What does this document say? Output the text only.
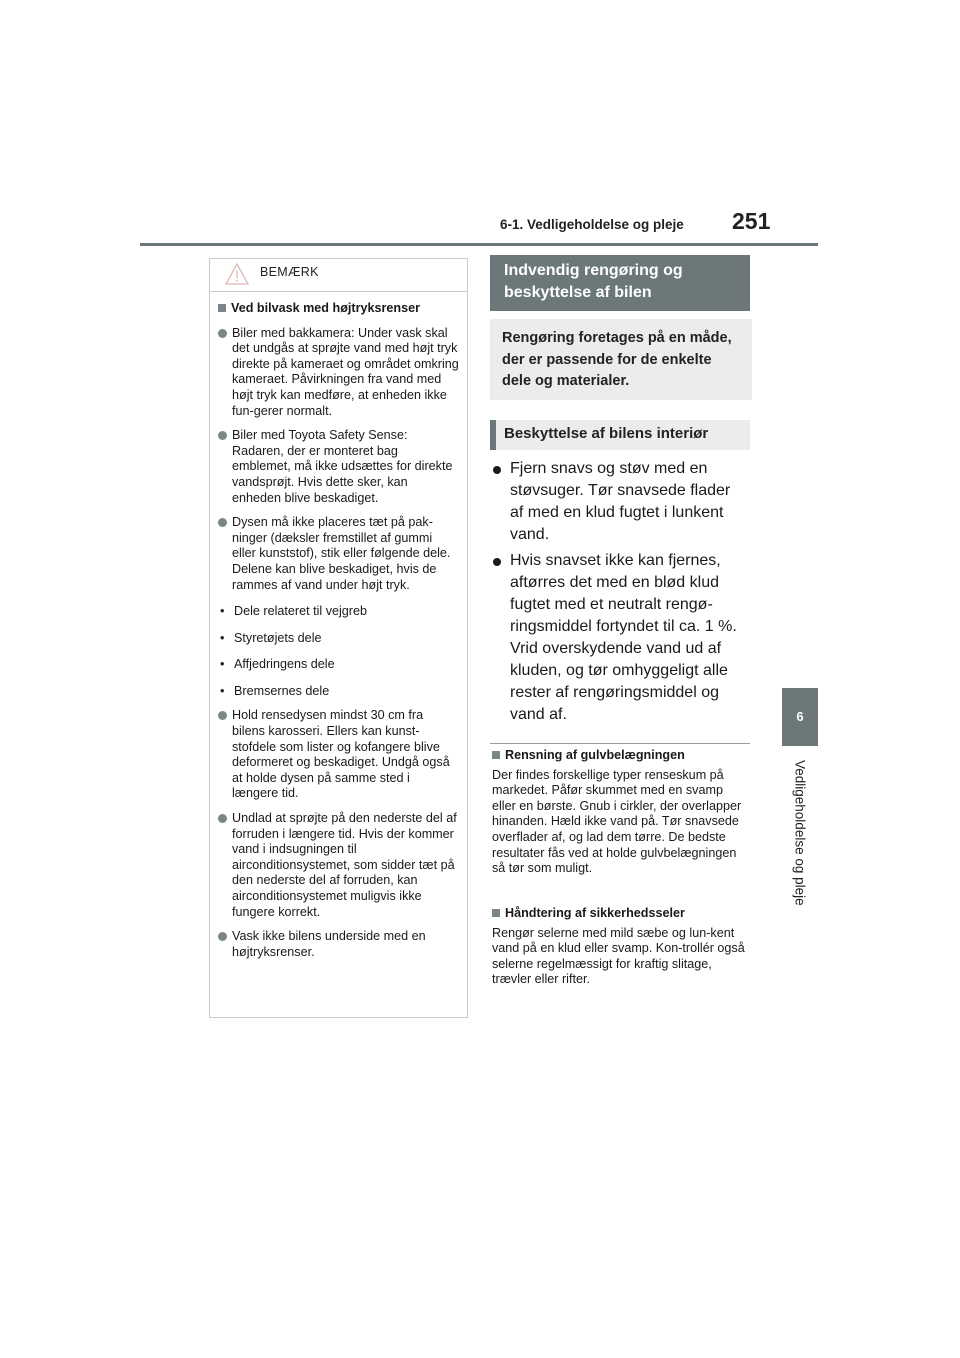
6-1. Vedligeholdelse og pleje 251
6
Vedligeholdelse og pleje
BEMÆRK
Ved bilvask med højtryksrenser
Biler med bakkamera: Under vask skal det undgås at sprøjte vand med højt tryk direkte på kameraet og området omkring kameraet. Påvirkningen fra vand med højt tryk kan medføre, at enheden ikke fun-gerer normalt.
Biler med Toyota Safety Sense: Radaren, der er monteret bag emblemet, må ikke udsættes for direkte vandsprøjt. Hvis dette sker, kan enheden blive beskadiget.
Dysen må ikke placeres tæt på pak-ninger (dæksler fremstillet af gummi eller kunststof), stik eller følgende dele. Delene kan blive beskadiget, hvis de rammes af vand under højt tryk.
• Dele relateret til vejgreb
• Styretøjets dele
• Affjedringens dele
• Bremsernes dele
Hold rensedysen mindst 30 cm fra bilens karosseri. Ellers kan kunst-stofdele som lister og kofangere blive deformeret og beskadiget. Undgå også at holde dysen på samme sted i længere tid.
Undlad at sprøjte på den nederste del af forruden i længere tid. Hvis der kommer vand i indsugningen til airconditionsystemet, som sidder tæt på den nederste del af forruden, kan airconditionsystemet muligvis ikke fungere korrekt.
Vask ikke bilens underside med en højtryksrenser.
Indvendig rengøring og beskyttelse af bilen
Rengøring foretages på en måde, der er passende for de enkelte dele og materialer.
Beskyttelse af bilens interiør
Fjern snavs og støv med en støvsuger. Tør snavsede flader af med en klud fugtet i lunkent vand.
Hvis snavset ikke kan fjernes, aftørres det med en blød klud fugtet med et neutralt rengø-ringsmiddel fortyndet til ca. 1 %. Vrid overskydende vand ud af kluden, og tør omhyggeligt alle rester af rengøringsmiddel og vand af.
Rensning af gulvbelægningen
Der findes forskellige typer renseskum på markedet. Påfør skummet med en svamp eller en børste. Gnub i cirkler, der overlapper hinanden. Hæld ikke vand på. Tør snavsede overflader af, og lad dem tørre. De bedste resultater fås ved at holde gulvbelægningen så tør som muligt.
Håndtering af sikkerhedsseler
Rengør selerne med mild sæbe og lun-kent vand på en klud eller svamp. Kon-trollér også selerne regelmæssigt for kraftig slitage, trævler eller rifter.
